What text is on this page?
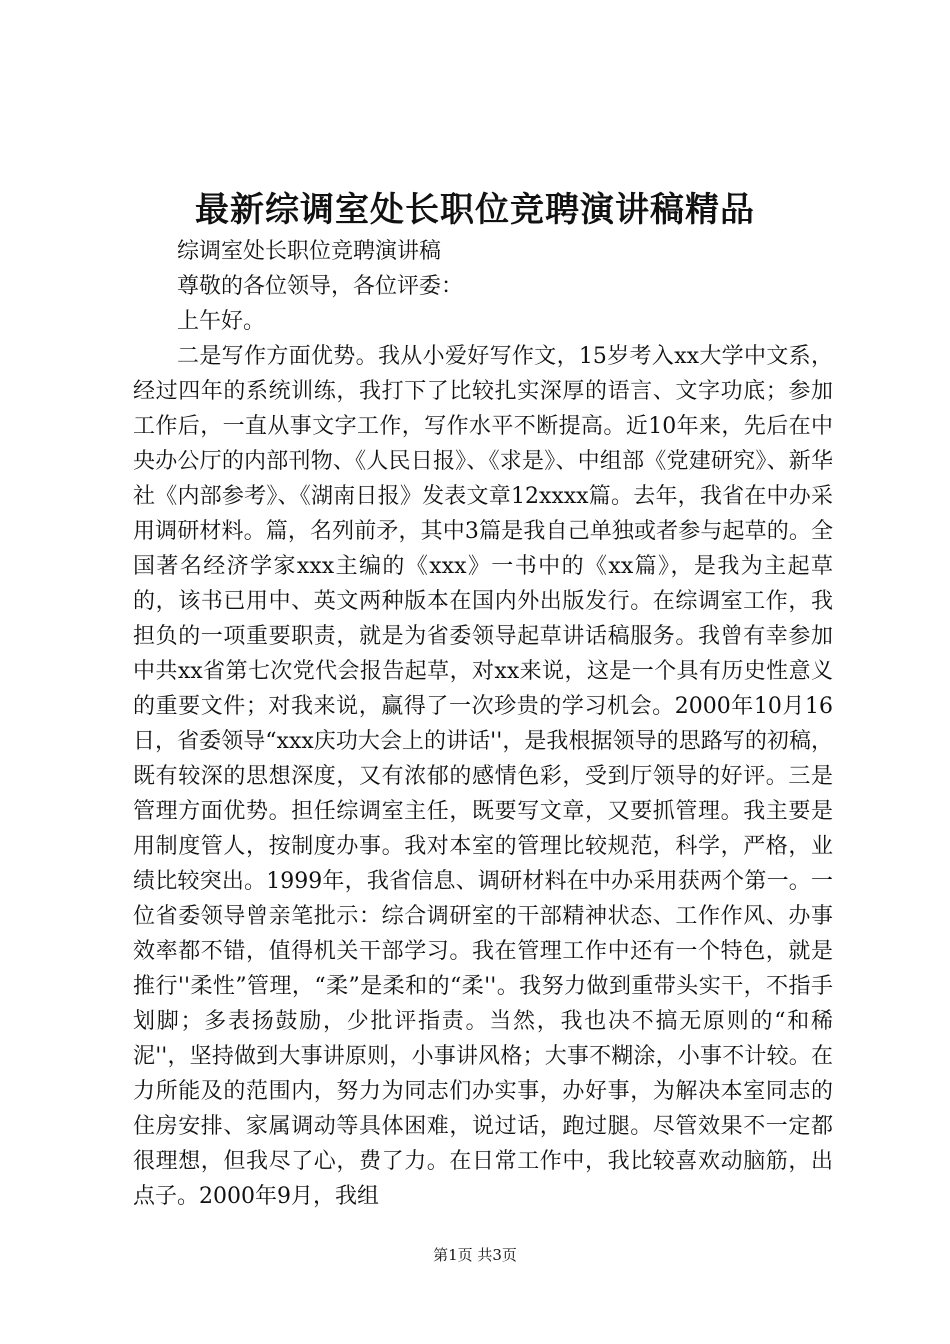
最新综调室处长职位竞聘演讲稿精品

综调室处长职位竞聘演讲稿

尊敬的各位领导，各位评委：

上午好。

二是写作方面优势。我从小爱好写作文，15岁考入xx大学中文系，经过四年的系统训练，我打下了比较扎实深厚的语言、文字功底；参加工作后，一直从事文字工作，写作水平不断提高。近10年来，先后在中央办公厅的内部刊物、《人民日报》、《求是》、中组部《党建研究》、新华社《内部参考》、《湖南日报》发表文章12xxxx篇。去年，我省在中办采用调研材料。篇，名列前矛，其中3篇是我自己单独或者参与起草的。全国著名经济学家xxx主编的《xxx》一书中的《xx篇》，是我为主起草的，该书已用中、英文两种版本在国内外出版发行。在综调室工作，我担负的一项重要职责，就是为省委领导起草讲话稿服务。我曾有幸参加中共xx省第七次党代会报告起草，对xx来说，这是一个具有历史性意义的重要文件；对我来说，赢得了一次珍贵的学习机会。2000年10月16日，省委领导“xxx庆功大会上的讲话''，是我根据领导的思路写的初稿，既有较深的思想深度，又有浓郁的感情色彩，受到厅领导的好评。三是管理方面优势。担任综调室主任，既要写文章，又要抓管理。我主要是用制度管人，按制度办事。我对本室的管理比较规范，科学，严格，业绩比较突出。1999年，我省信息、调研材料在中办采用获两个第一。一位省委领导曾亲笔批示：综合调研室的干部精神状态、工作作风、办事效率都不错，值得机关干部学习。我在管理工作中还有一个特色，就是推行''柔性”管理，“柔”是柔和的“柔''。我努力做到重带头实干，不指手划脚；多表扬鼓励，少批评指责。当然，我也决不搞无原则的“和稀泥''，坚持做到大事讲原则，小事讲风格；大事不糊涂，小事不计较。在力所能及的范围内，努力为同志们办实事，办好事，为解决本室同志的住房安排、家属调动等具体困难，说过话，跑过腿。尽管效果不一定都很理想，但我尽了心，费了力。在日常工作中，我比较喜欢动脑筋，出点子。2000年9月，我组

第1页 共3页
